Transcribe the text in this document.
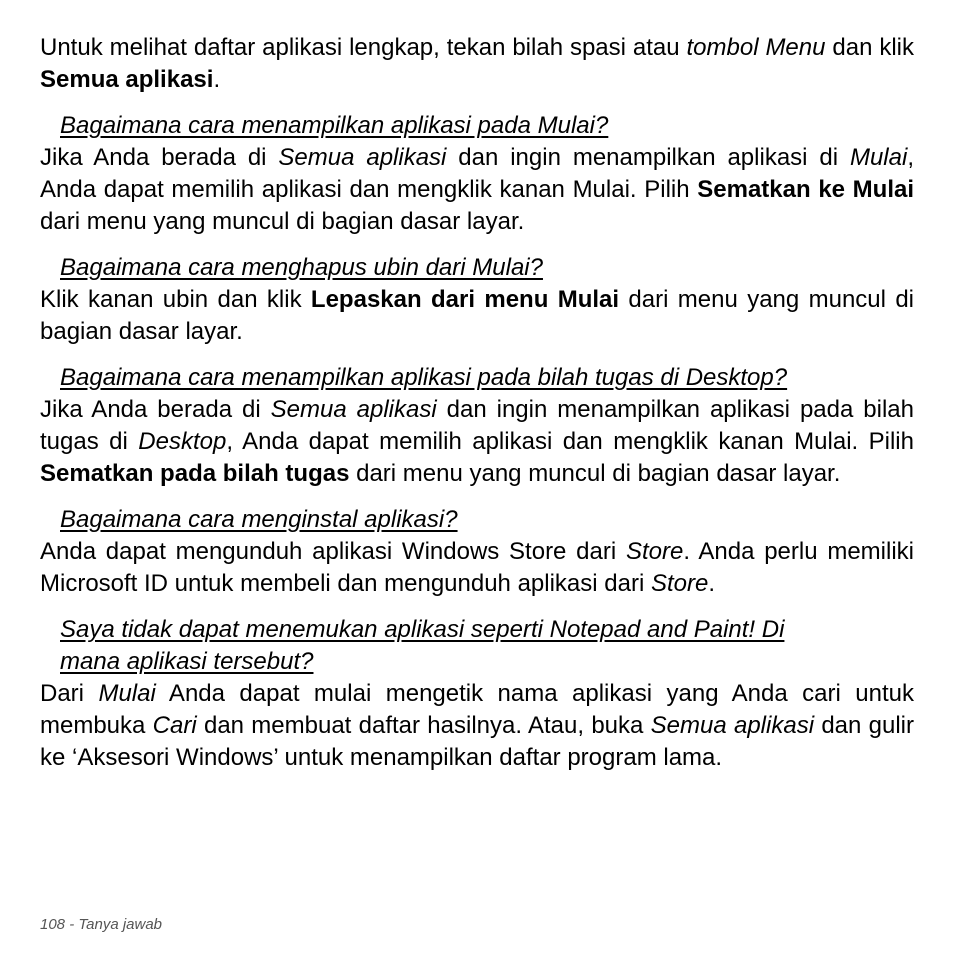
Untuk melihat daftar aplikasi lengkap, tekan bilah spasi atau tombol Menu dan klik Semua aplikasi.

Bagaimana cara menampilkan aplikasi pada Mulai?

Jika Anda berada di Semua aplikasi dan ingin menampilkan aplikasi di Mulai, Anda dapat memilih aplikasi dan mengklik kanan Mulai. Pilih Sematkan ke Mulai dari menu yang muncul di bagian dasar layar.

Bagaimana cara menghapus ubin dari Mulai?

Klik kanan ubin dan klik Lepaskan dari menu Mulai dari menu yang muncul di bagian dasar layar.

Bagaimana cara menampilkan aplikasi pada bilah tugas di Desktop?

Jika Anda berada di Semua aplikasi dan ingin menampilkan aplikasi pada bilah tugas di Desktop, Anda dapat memilih aplikasi dan mengklik kanan Mulai. Pilih Sematkan pada bilah tugas dari menu yang muncul di bagian dasar layar.

Bagaimana cara menginstal aplikasi?

Anda dapat mengunduh aplikasi Windows Store dari Store. Anda perlu memiliki Microsoft ID untuk membeli dan mengunduh aplikasi dari Store.

Saya tidak dapat menemukan aplikasi seperti Notepad and Paint! Di
mana aplikasi tersebut?

Dari Mulai Anda dapat mulai mengetik nama aplikasi yang Anda cari untuk membuka Cari dan membuat daftar hasilnya. Atau, buka Semua aplikasi dan gulir ke ‘Aksesori Windows’ untuk menampilkan daftar program lama.

108 - Tanya jawab
